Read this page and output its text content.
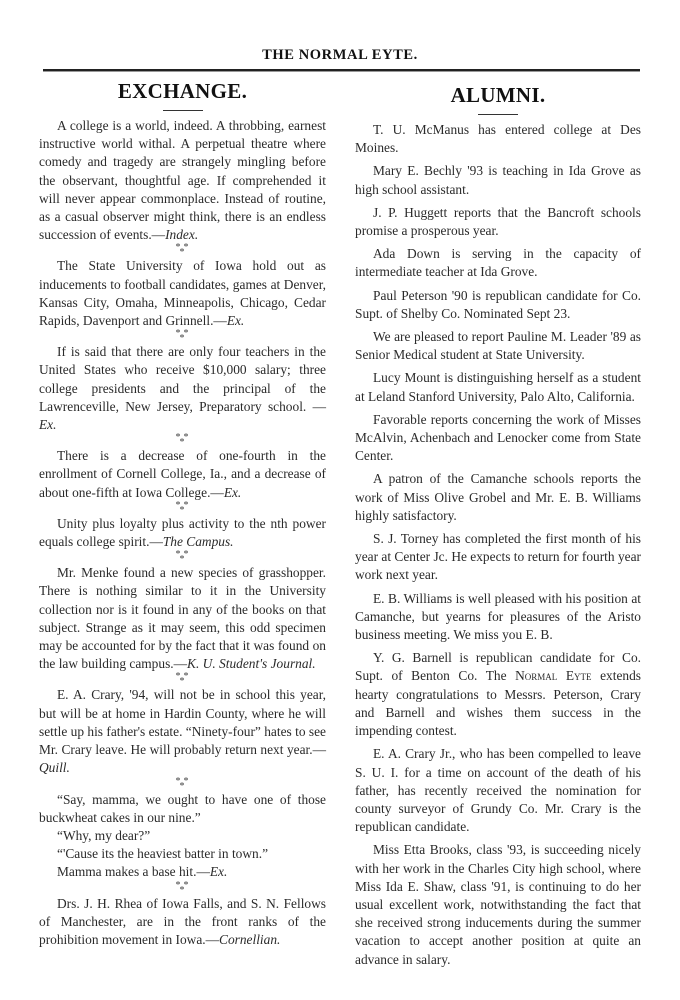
THE NORMAL EYTE.
EXCHANGE.

A college is a world, indeed. A throbbing, earnest instructive world withal. A perpetual theatre where comedy and tragedy are strangely mingling before the observant, thoughtful age. If comprehended it will never appear commonplace. Instead of routine, as a casual observer might think, there is an endless succession of events.—Index.

* *
*

The State University of Iowa hold out as inducements to football candidates, games at Denver, Kansas City, Omaha, Minneapolis, Chicago, Cedar Rapids, Davenport and Grinnell.—Ex.

* *
*

If is said that there are only four teachers in the United States who receive $10,000 salary; three college presidents and the principal of the Lawrenceville, New Jersey, Preparatory school. —Ex.

* *
*

There is a decrease of one-fourth in the enrollment of Cornell College, Ia., and a decrease of about one-fifth at Iowa College.—Ex.

* *
*

Unity plus loyalty plus activity to the nth power equals college spirit.—The Campus.

* *
*

Mr. Menke found a new species of grasshopper. There is nothing similar to it in the University collection nor is it found in any of the books on that subject. Strange as it may seem, this odd specimen may be accounted for by the fact that it was found on the law building campus.—K. U. Student's Journal.

* *
*

E. A. Crary, '94, will not be in school this year, but will be at home in Hardin County, where he will settle up his father's estate. “Ninety-four” hates to see Mr. Crary leave. He will probably return next year.—Quill.

* *
*

“Say, mamma, we ought to have one of those buckwheat cakes in our nine.”

“Why, my dear?”

“'Cause its the heaviest batter in town.”

Mamma makes a base hit.—Ex.

* *
*

Drs. J. H. Rhea of Iowa Falls, and S. N. Fellows of Manchester, are in the front ranks of the prohibition movement in Iowa.—Cornellian.

ALUMNI.

T. U. McManus has entered college at Des Moines.

Mary E. Bechly '93 is teaching in Ida Grove as high school assistant.

J. P. Huggett reports that the Bancroft schools promise a prosperous year.

Ada Down is serving in the capacity of intermediate teacher at Ida Grove.

Paul Peterson '90 is republican candidate for Co. Supt. of Shelby Co. Nominated Sept 23.

We are pleased to report Pauline M. Leader '89 as Senior Medical student at State University.

Lucy Mount is distinguishing herself as a student at Leland Stanford University, Palo Alto, California.

Favorable reports concerning the work of Misses McAlvin, Achenbach and Lenocker come from State Center.

A patron of the Camanche schools reports the work of Miss Olive Grobel and Mr. E. B. Williams highly satisfactory.

S. J. Torney has completed the first month of his year at Center Jc. He expects to return for fourth year work next year.

E. B. Williams is well pleased with his position at Camanche, but yearns for pleasures of the Aristo business meeting. We miss you E. B.

Y. G. Barnell is republican candidate for Co. Supt. of Benton Co. The Normal Eyte extends hearty congratulations to Messrs. Peterson, Crary and Barnell and wishes them success in the impending contest.

E. A. Crary Jr., who has been compelled to leave S. U. I. for a time on account of the death of his father, has recently received the nomination for county surveyor of Grundy Co. Mr. Crary is the republican candidate.

Miss Etta Brooks, class '93, is succeeding nicely with her work in the Charles City high school, where Miss Ida E. Shaw, class '91, is continuing to do her usual excellent work, notwithstanding the fact that she received strong inducements during the summer vacation to accept another position at quite an advance in salary.
